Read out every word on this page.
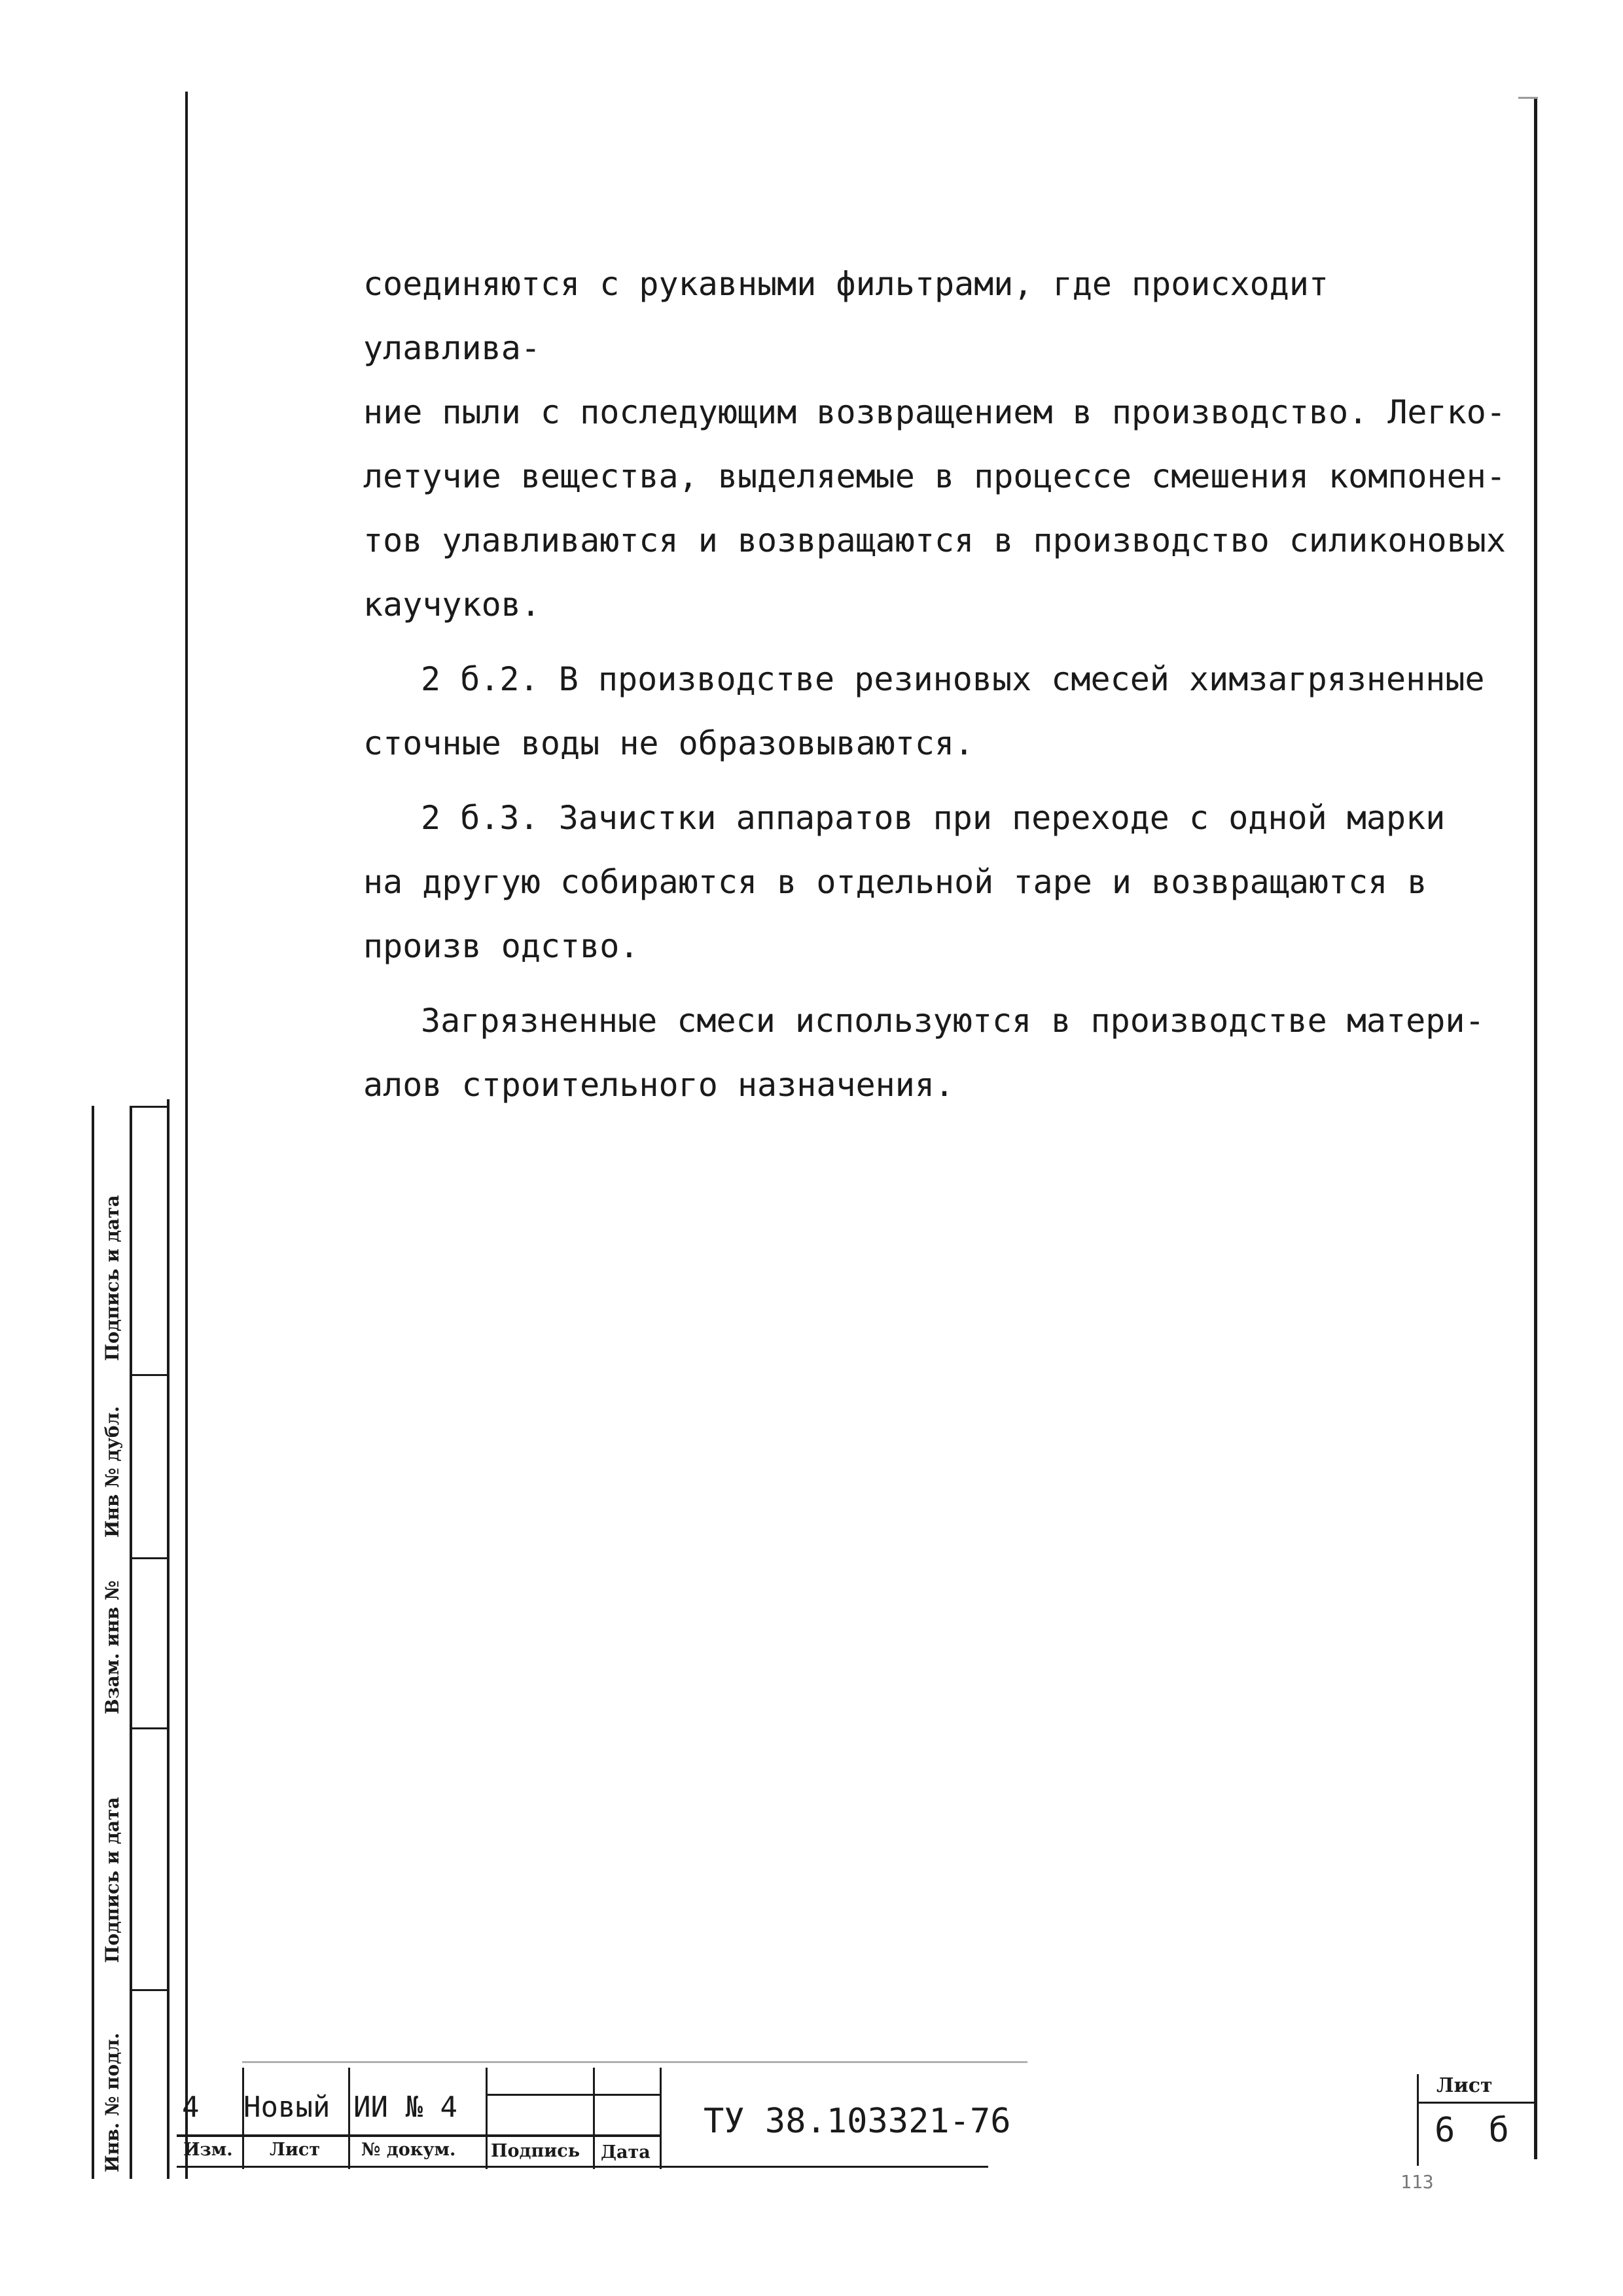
соединяются с рукавными фильтрами, где происходит улавлива-
ние пыли с последующим возвращением в производство. Легко-
летучие вещества, выделяемые в процессе смешения компонен-
тов улавливаются и возвращаются в производство силиконовых
каучуков.

2 б.2. В производстве резиновых смесей химзагрязненные
сточные воды не образовываются.

2 б.3. Зачистки аппаратов при переходе с одной марки
на другую собираются в отдельной таре и возвращаются в
произв одство.

Загрязненные смеси используются в производстве матери-
алов строительного назначения.

Подпись и дата
Инв № дубл.
Взам. инв №
Подпись и дата
Инв. № подл. 4 Новый ИИ № 4
Изм. Лист № докум. Подпись Дата
ТУ 38.103321-76
Лист
6 б
113
